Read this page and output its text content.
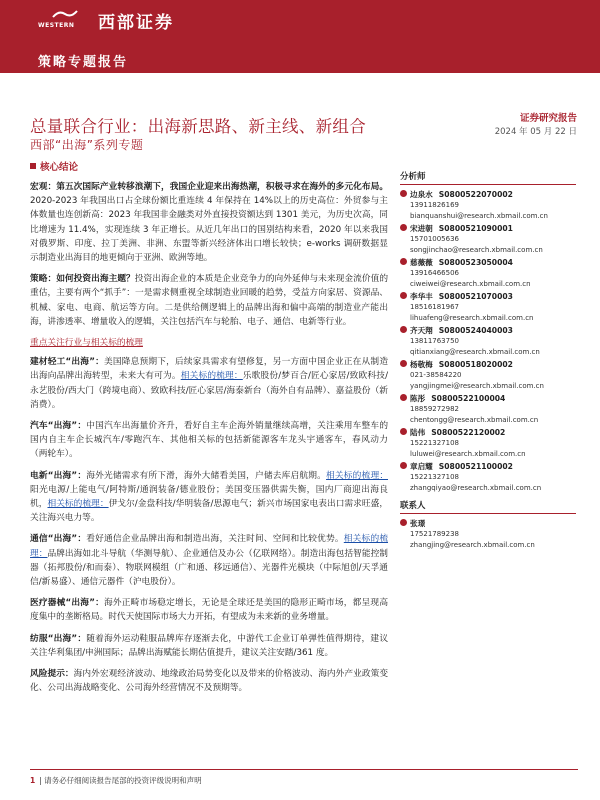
WESTERN	西部证券
策略专题报告
总量联合行业：出海新思路、新主线、新组合
西部“出海”系列专题
证券研究报告
2024 年 05 月 22 日
核心结论
宏观：第五次国际产业转移浪潮下，我国企业迎来出海热潮，积极寻求在海外的多元化布局。2020-2023 年我国出口占全球份额比重连续 4 年保持在 14%以上的历史高位：外贸参与主体数量也连创新高：2023 年我国非金融类对外直接投资额达到 1301 美元，为历史次高，同比增速为 11.4%，实现连续 3 年正增长。从近几年出口的国别结构来看，2020 年以来我国对俄罗斯、印度、拉丁美洲、非洲、东盟等新兴经济体出口增长较快；e-works 调研数据显示制造业出海目的地更倾向于亚洲、欧洲等地。
策略：如何投资出海主题？投资出海企业的本质是企业竞争力的向外延伸与未来现金流价值的重估，主要有两个“抓手”：一是需求侧重视全球制造业回暖的趋势，受益方向家居、资源品、机械、家电、电商、航运等方向。二是供给侧逻辑上的品牌出海和偏中高端的制造业产能出海，讲渗透率、增量收入的逻辑，关注包括汽车与轮胎、电子、通信、电新等行业。
重点关注行业与相关标的梳理
建材轻工“出海”：美国降息预期下，后续家具需求有望修复，另一方面中国企业正在从制造出海向品牌出海转型，未来大有可为。相关标的梳理：乐歌股份/梦百合/匠心家居/致欧科技/永艺股份/西大门（跨境电商）、致欧科技/匠心家居/海泰新台（海外自有品牌）、嘉益股份（新消费）。
汽车“出海”：中国汽车出海量价齐升，看好自主车企海外销量继续高增，关注乘用车整车的国内自主车企长城汽车/零跑汽车、其他相关标的包括新能源客车龙头宇通客车，春风动力（两轮车）。
电新“出海”：海外光储需求有所下滑，海外大储看美国，户储去库启航期。相关标的梳理：阳光电源/上能电气/阿特斯/通润装备/德业股份；美国变压器供需失衡，国内厂商迎出海良机，相关标的梳理：伊戈尔/金盘科技/华明装备/思源电气；新兴市场国家电表出口需求旺盛，关注海兴电力等。
通信“出海”：看好通信企业品牌出海和制造出海，关注时间、空间和比较优势。相关标的梳理：品牌出海如北斗导航（华测导航）、企业通信及办公（亿联网络）。制造出海包括智能控制器（拓邦股份/和而泰）、物联网模组（广和通、移远通信）、光器件光模块（中际旭创/天孚通信/新易盛）、通信元器件（沪电股份）。
医疗器械“出海”：海外正畸市场稳定增长，无论是全球还是美国的隐形正畸市场，都呈现高度集中的垄断格局。时代天使国际市场大力开拓，有望成为未来新的业务增量。
纺服“出海”：随着海外运动鞋服品牌库存逐渐去化，中游代工企业订单弹性值得期待，建议关注华利集团/申洲国际；品牌出海赋能长期估值提升，建议关注安踏/361 度。
风险提示：海内外宏观经济波动、地缘政治局势变化以及带来的价格波动、海内外产业政策变化、公司出海战略变化、公司海外经营情况不及预期等。
分析师
边泉水 S0800522070002
13911826169
bianquanshui@research.xbmail.com.cn
宋进朝 S0800521090001
15701005636
songjinchao@research.xbmail.com.cn
慈薇薇 S0800523050004
13916466506
ciweiwei@research.xbmail.com.cn
李华丰 S0800521070003
18516181967
lihuafeng@research.xbmail.com.cn
齐天翔 S0800524040003
13811763750
qitianxiang@research.xbmail.com.cn
杨敬梅 S0800518020002
021-38584220
yangjingmei@research.xbmail.com.cn
陈彤 S0800522100004
18859272982
chentongg@research.xbmail.com.cn
陆伟 S0800522120002
15221327108
luluwei@research.xbmail.com.cn
章启耀 S0800521100002
15221327108
zhangqiyao@research.xbmail.com.cn
联系人
张璟
17521789238
zhangjing@research.xbmail.com.cn
1 | 请务必仔细阅读报告尾部的投资评级说明和声明
